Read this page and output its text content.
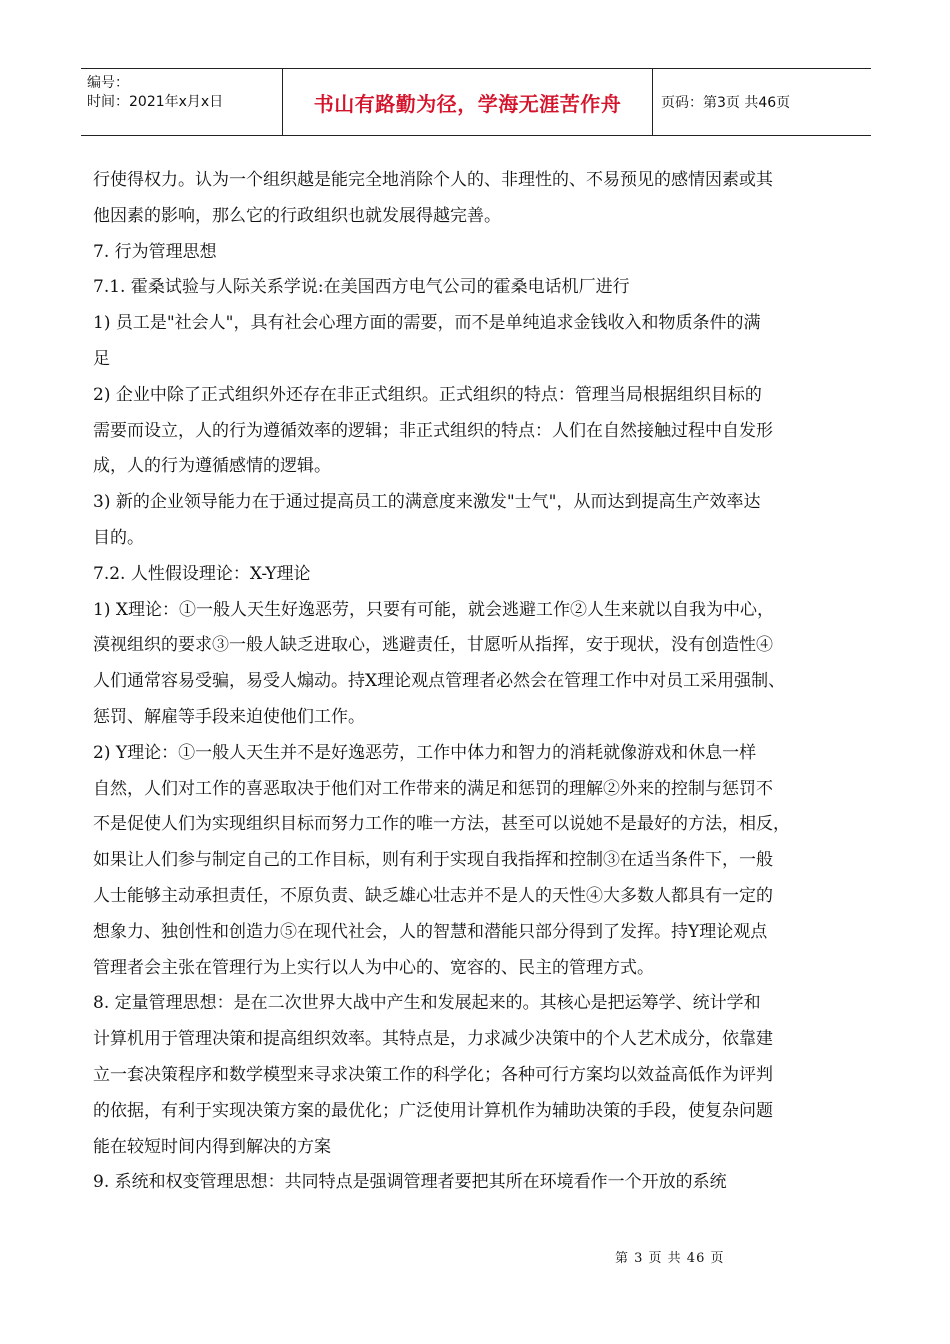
编号：
时间：2021年x月x日	书山有路勤为径，学海无涯苦作舟	页码：第3页 共46页

行使得权力。认为一个组织越是能完全地消除个人的、非理性的、不易预见的感情因素或其

他因素的影响，那么它的行政组织也就发展得越完善。

7. 行为管理思想

7.1. 霍桑试验与人际关系学说:在美国西方电气公司的霍桑电话机厂进行

1) 员工是"社会人"，具有社会心理方面的需要，而不是单纯追求金钱收入和物质条件的满

足

2) 企业中除了正式组织外还存在非正式组织。正式组织的特点：管理当局根据组织目标的

需要而设立，人的行为遵循效率的逻辑；非正式组织的特点：人们在自然接触过程中自发形

成，人的行为遵循感情的逻辑。

3) 新的企业领导能力在于通过提高员工的满意度来激发"士气"，从而达到提高生产效率达

目的。

7.2. 人性假设理论：X-Y理论

1) X理论：①一般人天生好逸恶劳，只要有可能，就会逃避工作②人生来就以自我为中心，

漠视组织的要求③一般人缺乏进取心，逃避责任，甘愿听从指挥，安于现状，没有创造性④

人们通常容易受骗，易受人煽动。持X理论观点管理者必然会在管理工作中对员工采用强制、

惩罚、解雇等手段来迫使他们工作。

2) Y理论：①一般人天生并不是好逸恶劳，工作中体力和智力的消耗就像游戏和休息一样

自然，人们对工作的喜恶取决于他们对工作带来的满足和惩罚的理解②外来的控制与惩罚不

不是促使人们为实现组织目标而努力工作的唯一方法，甚至可以说她不是最好的方法，相反，

如果让人们参与制定自己的工作目标，则有利于实现自我指挥和控制③在适当条件下，一般

人士能够主动承担责任，不原负责、缺乏雄心壮志并不是人的天性④大多数人都具有一定的

想象力、独创性和创造力⑤在现代社会，人的智慧和潜能只部分得到了发挥。持Y理论观点

管理者会主张在管理行为上实行以人为中心的、宽容的、民主的管理方式。

8. 定量管理思想：是在二次世界大战中产生和发展起来的。其核心是把运筹学、统计学和

计算机用于管理决策和提高组织效率。其特点是，力求减少决策中的个人艺术成分，依靠建

立一套决策程序和数学模型来寻求决策工作的科学化；各种可行方案均以效益高低作为评判

的依据，有利于实现决策方案的最优化；广泛使用计算机作为辅助决策的手段，使复杂问题

能在较短时间内得到解决的方案

9. 系统和权变管理思想：共同特点是强调管理者要把其所在环境看作一个开放的系统

第 3 页 共 46 页
